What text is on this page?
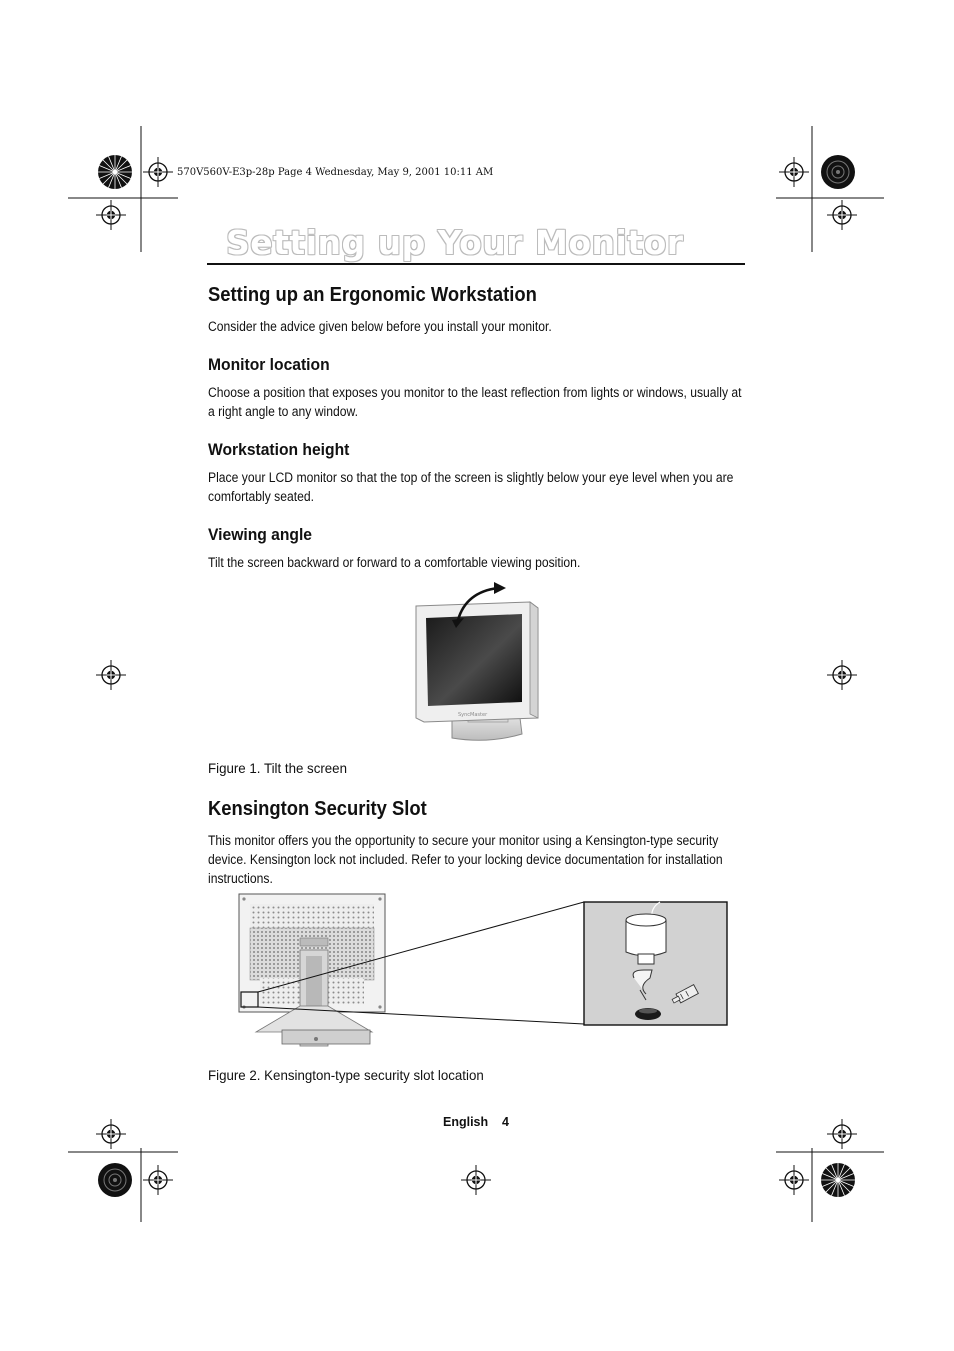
570V560V-E3p-28p Page 4 Wednesday, May 9, 2001 10:11 AM
Setting up Your Monitor
Setting up an Ergonomic Workstation
Consider the advice given below before you install your monitor.
Monitor location
Choose a position that exposes you monitor to the least reflection from lights or windows, usually at a right angle to any window.
Workstation height
Place your LCD monitor so that the top of the screen is slightly below your eye level when you are comfortably seated.
Viewing angle
Tilt the screen backward or forward to a comfortable viewing position.
SyncMaster
Figure 1. Tilt the screen
Kensington Security Slot
This monitor offers you the opportunity to secure your monitor using a Kensington-type security device. Kensington lock not included. Refer to your locking device documentation for installation instructions.
Figure 2. Kensington-type security slot location
English 4
